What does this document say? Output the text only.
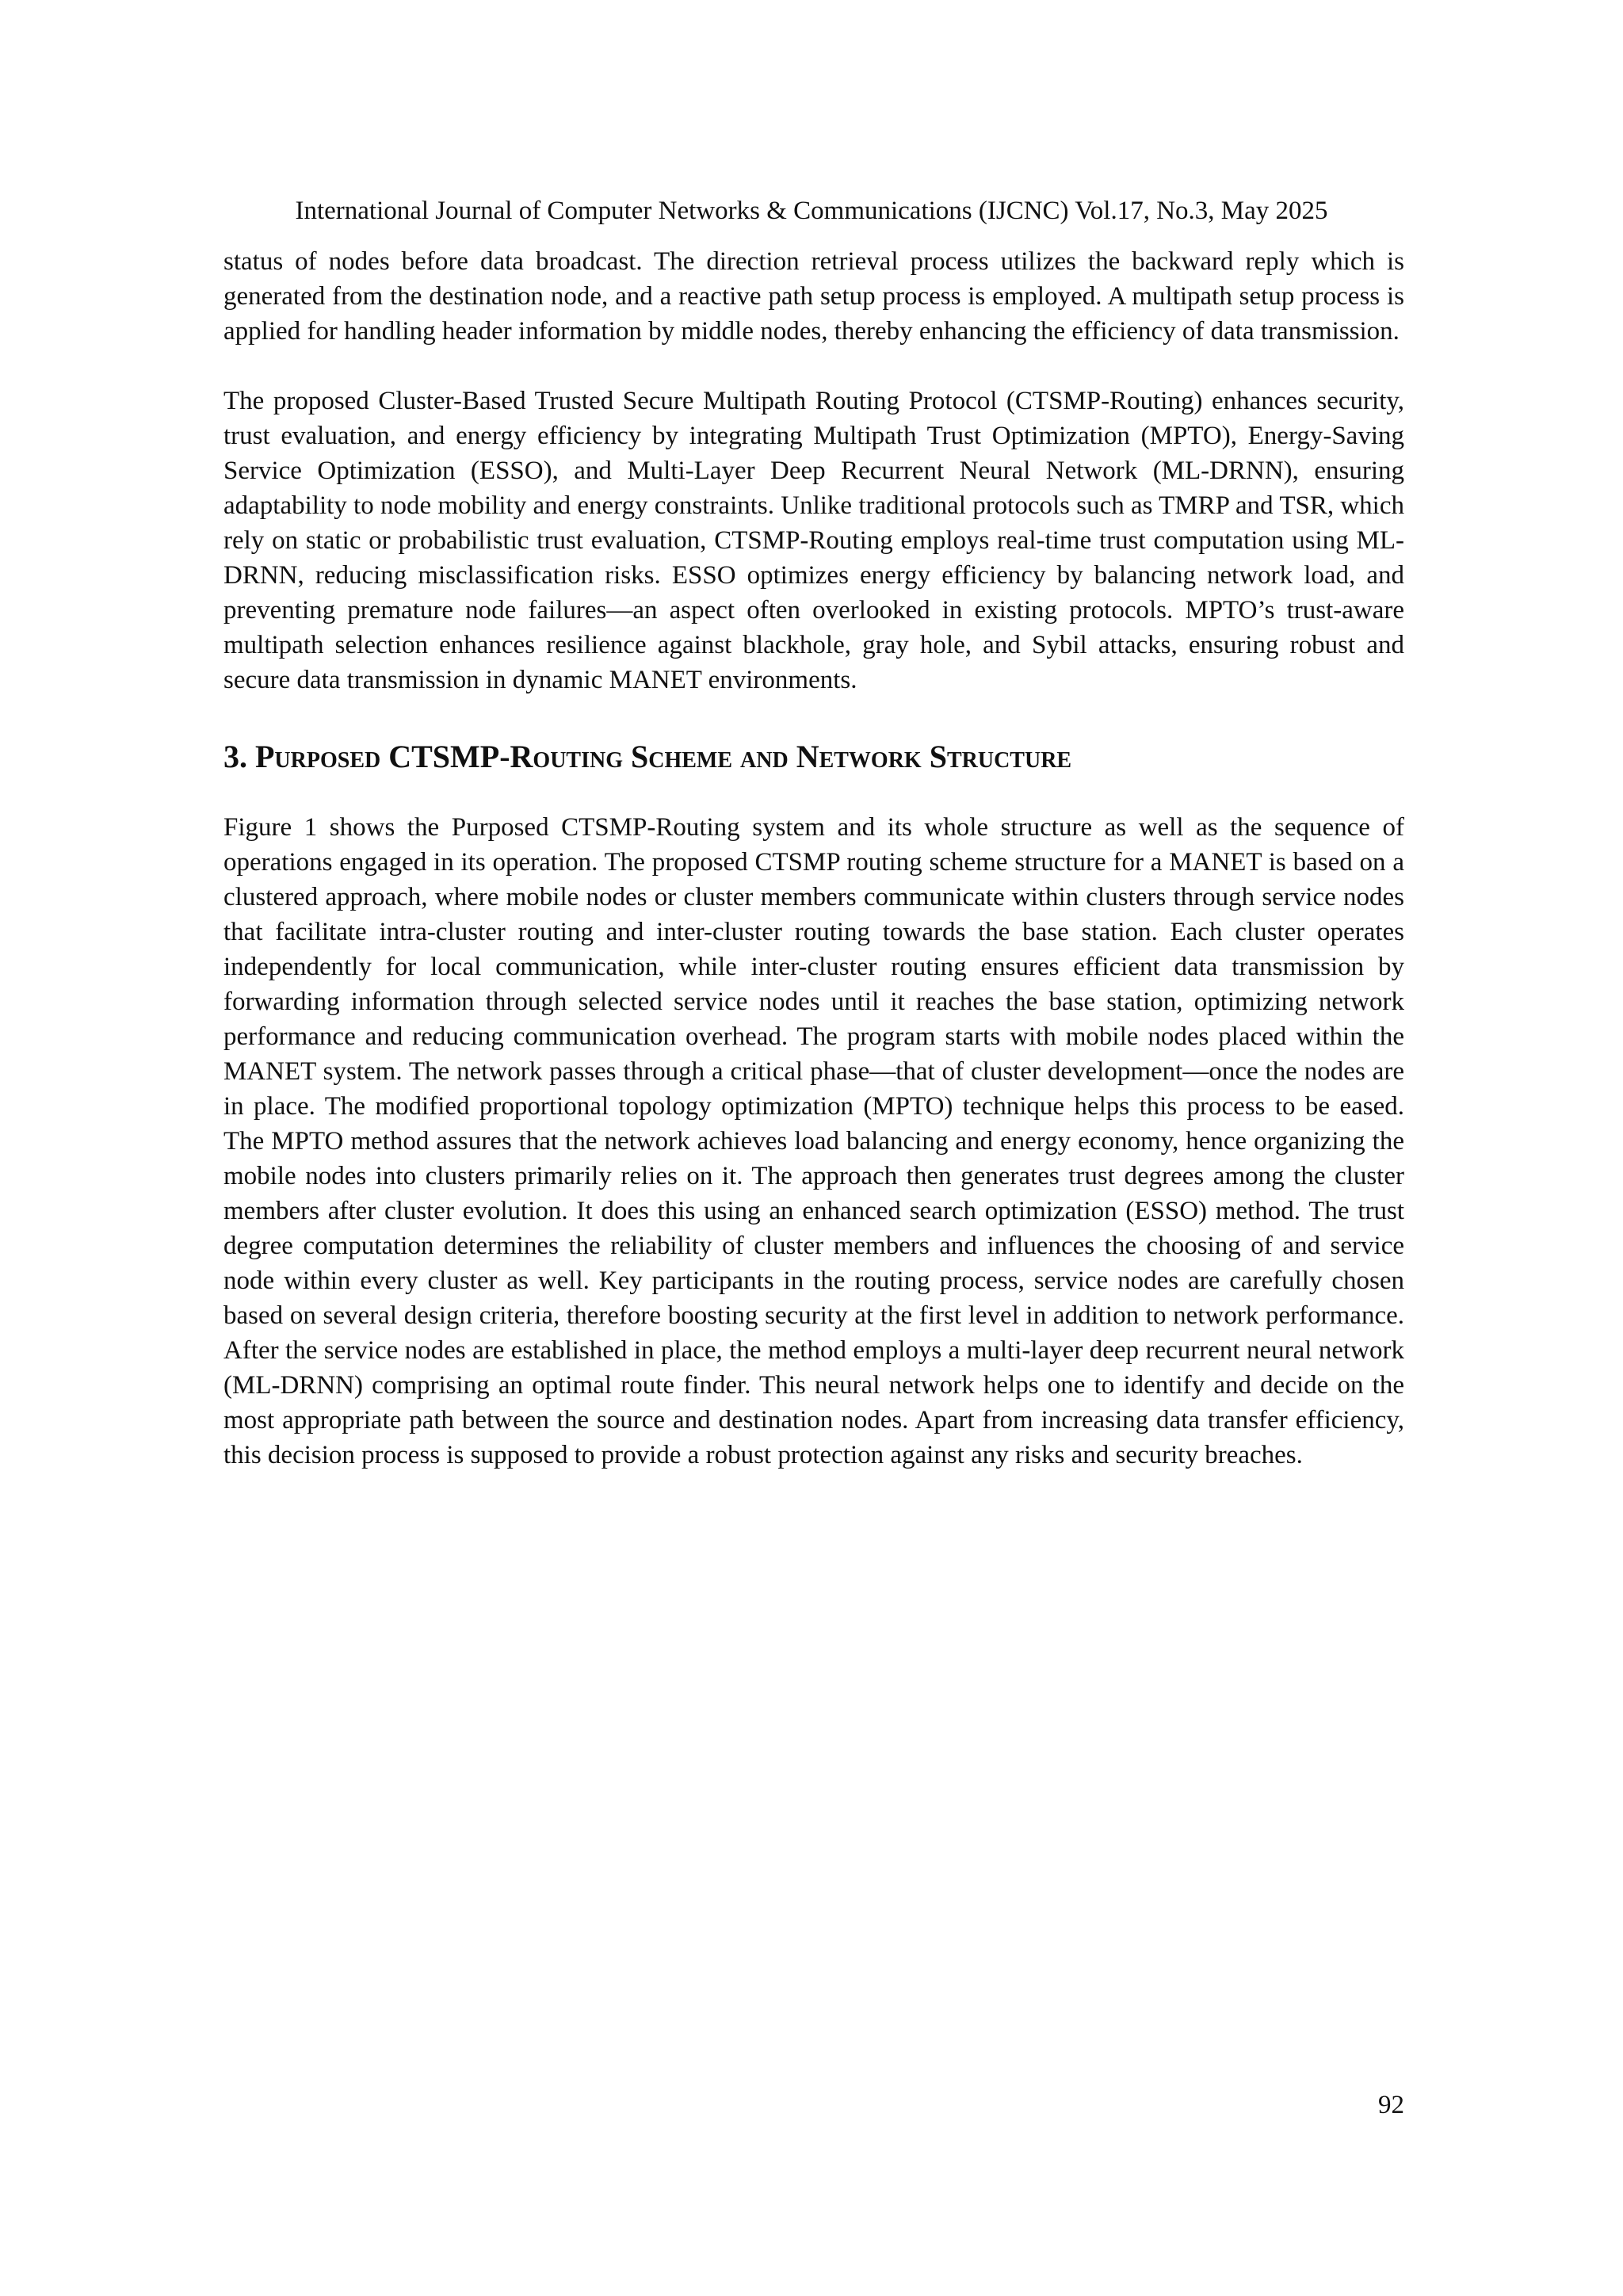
International Journal of Computer Networks & Communications (IJCNC) Vol.17, No.3, May 2025

status of nodes before data broadcast. The direction retrieval process utilizes the backward reply which is generated from the destination node, and a reactive path setup process is employed. A multipath setup process is applied for handling header information by middle nodes, thereby enhancing the efficiency of data transmission.

The proposed Cluster-Based Trusted Secure Multipath Routing Protocol (CTSMP-Routing) enhances security, trust evaluation, and energy efficiency by integrating Multipath Trust Optimization (MPTO), Energy-Saving Service Optimization (ESSO), and Multi-Layer Deep Recurrent Neural Network (ML-DRNN), ensuring adaptability to node mobility and energy constraints. Unlike traditional protocols such as TMRP and TSR, which rely on static or probabilistic trust evaluation, CTSMP-Routing employs real-time trust computation using ML-DRNN, reducing misclassification risks. ESSO optimizes energy efficiency by balancing network load, and preventing premature node failures—an aspect often overlooked in existing protocols. MPTO’s trust-aware multipath selection enhances resilience against blackhole, gray hole, and Sybil attacks, ensuring robust and secure data transmission in dynamic MANET environments.

3. Purposed CTSMP-Routing Scheme and Network Structure

Figure 1 shows the Purposed CTSMP-Routing system and its whole structure as well as the sequence of operations engaged in its operation. The proposed CTSMP routing scheme structure for a MANET is based on a clustered approach, where mobile nodes or cluster members communicate within clusters through service nodes that facilitate intra-cluster routing and inter-cluster routing towards the base station. Each cluster operates independently for local communication, while inter-cluster routing ensures efficient data transmission by forwarding information through selected service nodes until it reaches the base station, optimizing network performance and reducing communication overhead. The program starts with mobile nodes placed within the MANET system. The network passes through a critical phase—that of cluster development—once the nodes are in place. The modified proportional topology optimization (MPTO) technique helps this process to be eased. The MPTO method assures that the network achieves load balancing and energy economy, hence organizing the mobile nodes into clusters primarily relies on it. The approach then generates trust degrees among the cluster members after cluster evolution. It does this using an enhanced search optimization (ESSO) method. The trust degree computation determines the reliability of cluster members and influences the choosing of and service node within every cluster as well. Key participants in the routing process, service nodes are carefully chosen based on several design criteria, therefore boosting security at the first level in addition to network performance. After the service nodes are established in place, the method employs a multi-layer deep recurrent neural network (ML-DRNN) comprising an optimal route finder. This neural network helps one to identify and decide on the most appropriate path between the source and destination nodes. Apart from increasing data transfer efficiency, this decision process is supposed to provide a robust protection against any risks and security breaches.

92
